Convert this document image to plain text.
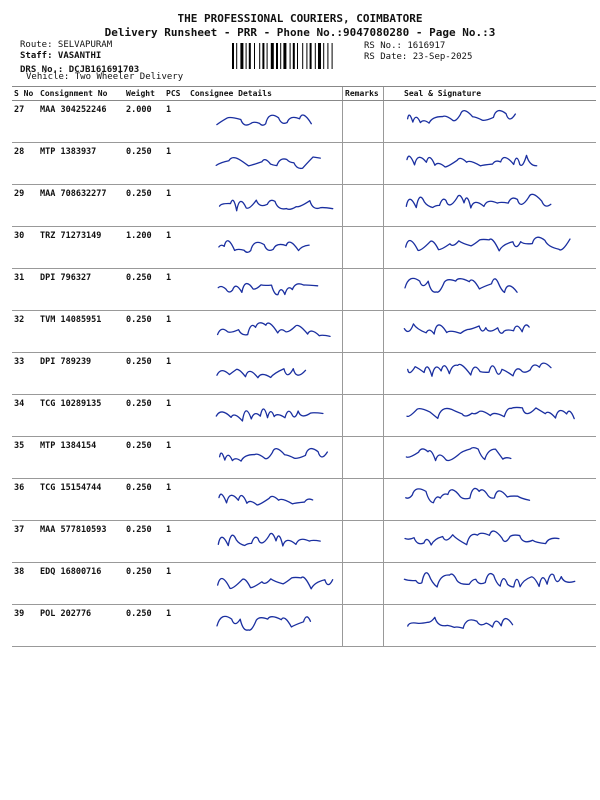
THE PROFESSIONAL COURIERS, COIMBATORE
Delivery Runsheet - PRR - Phone No.:9047080280 - Page No.:3
Route: SELVAPURAM
Staff: VASANTHI
DRS No.: DCJB161691703
Vehicle: Two Wheeler Delivery
RS No.: 1616917
RS Date: 23-Sep-2025
S No	Consignment No	Weight	PCS	Consignee Details	Remarks	Seal & Signature
27	MAA 304252246	2.000	1	

28	MTP 1383937	0.250	1	

29	MAA 708632277	0.250	1	

30	TRZ 71273149	1.200	1	

31	DPI 796327	0.250	1	

32	TVM 14085951	0.250	1	

33	DPI 789239	0.250	1	

34	TCG 10289135	0.250	1	

35	MTP 1384154	0.250	1	

36	TCG 15154744	0.250	1	

37	MAA 577810593	0.250	1	

38	EDQ 16800716	0.250	1	

39	POL 202776	0.250	1	
